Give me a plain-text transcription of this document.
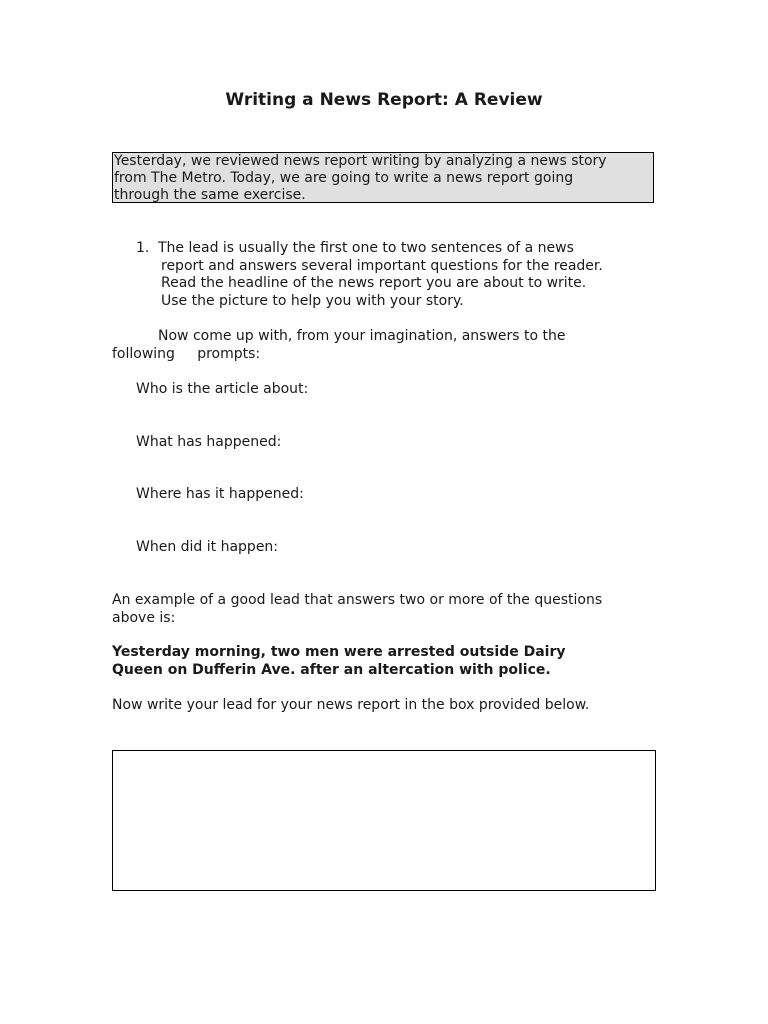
Writing a News Report: A Review

Yesterday, we reviewed news report writing by analyzing a news story

from The Metro. Today, we are going to write a news report going

through the same exercise.

1. The lead is usually the first one to two sentences of a news
report and answers several important questions for the reader.
Read the headline of the news report you are about to write.
Use the picture to help you with your story.

Now come up with, from your imagination, answers to the

following     prompts:

Who is the article about:

What has happened:

Where has it happened:

When did it happen:

An example of a good lead that answers two or more of the questions

above is:

Yesterday morning, two men were arrested outside Dairy

Queen on Dufferin Ave. after an altercation with police.

Now write your lead for your news report in the box provided below.
